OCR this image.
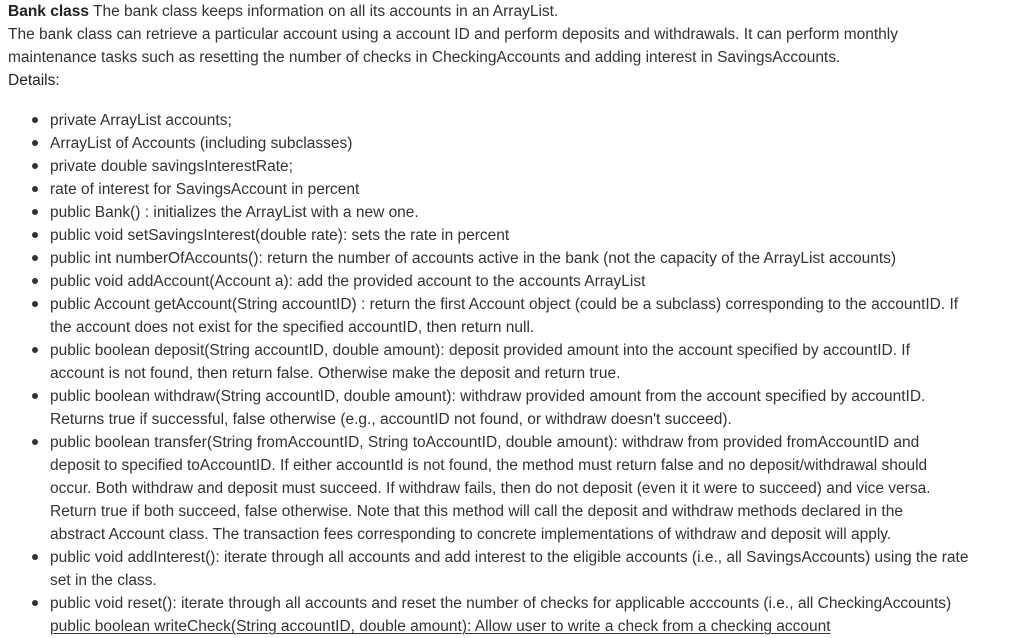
Bank class The bank class keeps information on all its accounts in an ArrayList.
The bank class can retrieve a particular account using a account ID and perform deposits and withdrawals. It can perform monthly
maintenance tasks such as resetting the number of checks in CheckingAccounts and adding interest in SavingsAccounts.
Details:
private ArrayList accounts;
ArrayList of Accounts (including subclasses)
private double savingsInterestRate;
rate of interest for SavingsAccount in percent
public Bank() : initializes the ArrayList with a new one.
public void setSavingsInterest(double rate): sets the rate in percent
public int numberOfAccounts(): return the number of accounts active in the bank (not the capacity of the ArrayList accounts)
public void addAccount(Account a): add the provided account to the accounts ArrayList
public Account getAccount(String accountID) : return the first Account object (could be a subclass) corresponding to the accountID. If
the account does not exist for the specified accountID, then return null.
public boolean deposit(String accountID, double amount): deposit provided amount into the account specified by accountID. If
account is not found, then return false. Otherwise make the deposit and return true.
public boolean withdraw(String accountID, double amount): withdraw provided amount from the account specified by accountID.
Returns true if successful, false otherwise (e.g., accountID not found, or withdraw doesn't succeed).
public boolean transfer(String fromAccountID, String toAccountID, double amount): withdraw from provided fromAccountID and
deposit to specified toAccountID. If either accountId is not found, the method must return false and no deposit/withdrawal should
occur. Both withdraw and deposit must succeed. If withdraw fails, then do not deposit (even it it were to succeed) and vice versa.
Return true if both succeed, false otherwise. Note that this method will call the deposit and withdraw methods declared in the
abstract Account class. The transaction fees corresponding to concrete implementations of withdraw and deposit will apply.
public void addInterest(): iterate through all accounts and add interest to the eligible accounts (i.e., all SavingsAccounts) using the rate
set in the class.
public void reset(): iterate through all accounts and reset the number of checks for applicable acccounts (i.e., all CheckingAccounts)
public boolean writeCheck(String accountID, double amount): Allow user to write a check from a checking account
